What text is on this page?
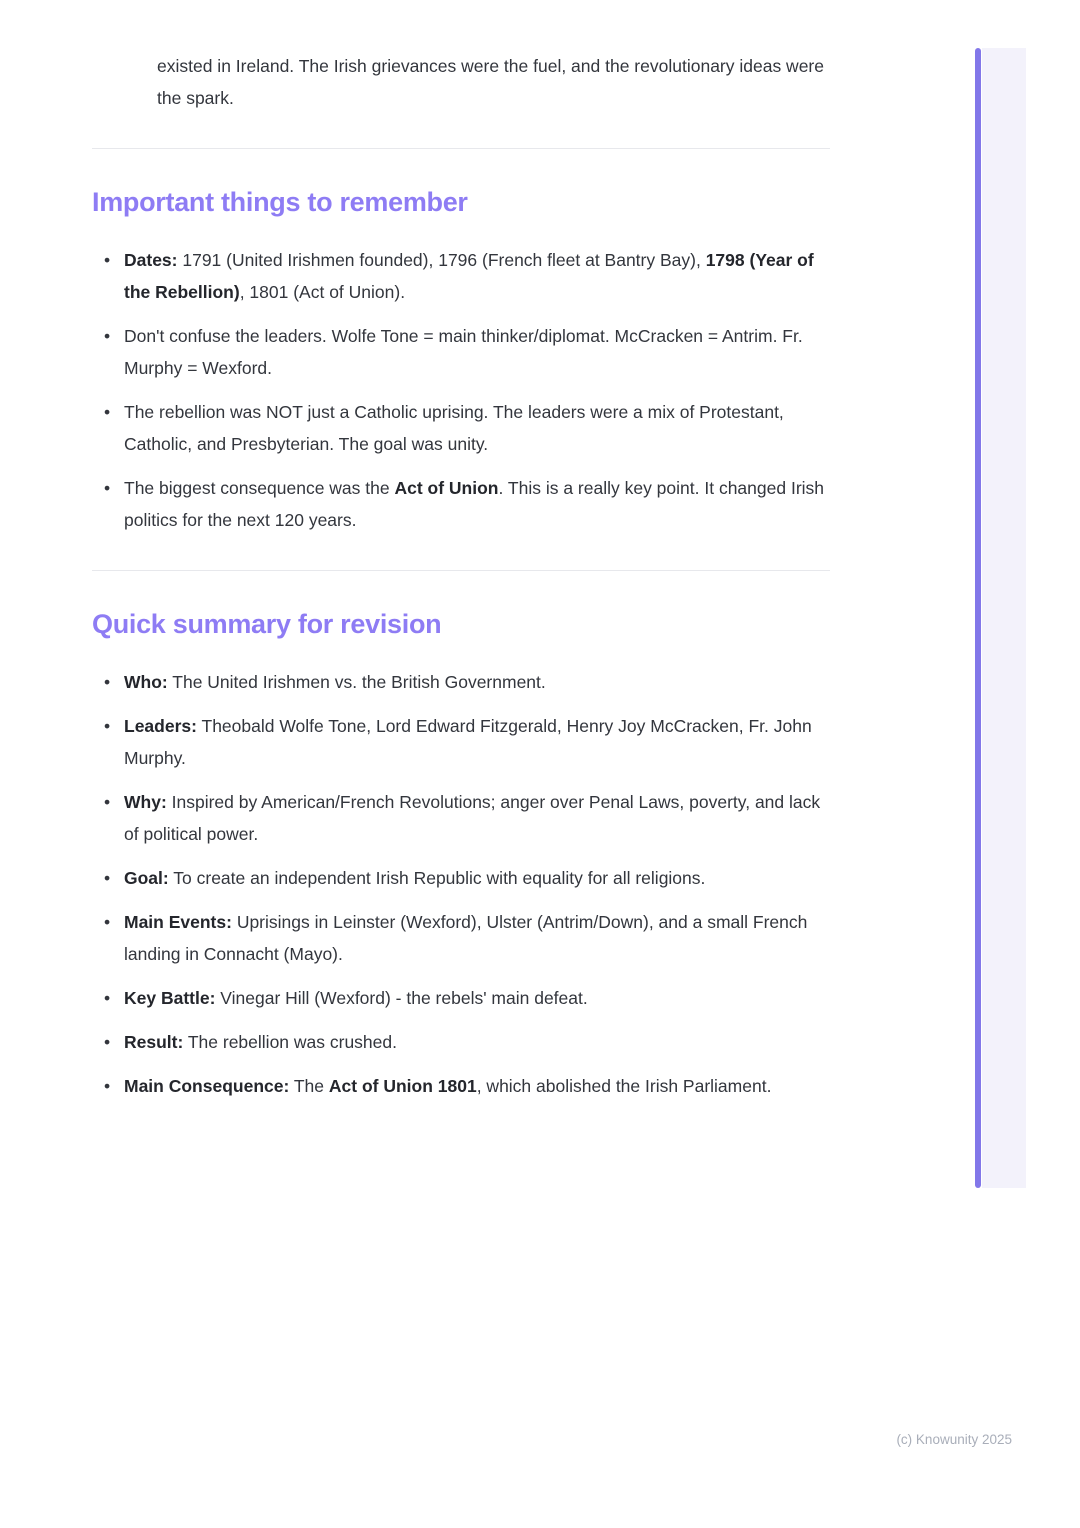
existed in Ireland. The Irish grievances were the fuel, and the revolutionary ideas were the spark.

Important things to remember
• Dates: 1791 (United Irishmen founded), 1796 (French fleet at Bantry Bay), 1798 (Year of the Rebellion), 1801 (Act of Union).
• Don't confuse the leaders. Wolfe Tone = main thinker/diplomat. McCracken = Antrim. Fr. Murphy = Wexford.
• The rebellion was NOT just a Catholic uprising. The leaders were a mix of Protestant, Catholic, and Presbyterian. The goal was unity.
• The biggest consequence was the Act of Union. This is a really key point. It changed Irish politics for the next 120 years.
Quick summary for revision
• Who: The United Irishmen vs. the British Government.
• Leaders: Theobald Wolfe Tone, Lord Edward Fitzgerald, Henry Joy McCracken, Fr. John Murphy.
• Why: Inspired by American/French Revolutions; anger over Penal Laws, poverty, and lack of political power.
• Goal: To create an independent Irish Republic with equality for all religions.
• Main Events: Uprisings in Leinster (Wexford), Ulster (Antrim/Down), and a small French landing in Connacht (Mayo).
• Key Battle: Vinegar Hill (Wexford) - the rebels' main defeat.
• Result: The rebellion was crushed.
• Main Consequence: The Act of Union 1801, which abolished the Irish Parliament.
(c) Knowunity 2025
